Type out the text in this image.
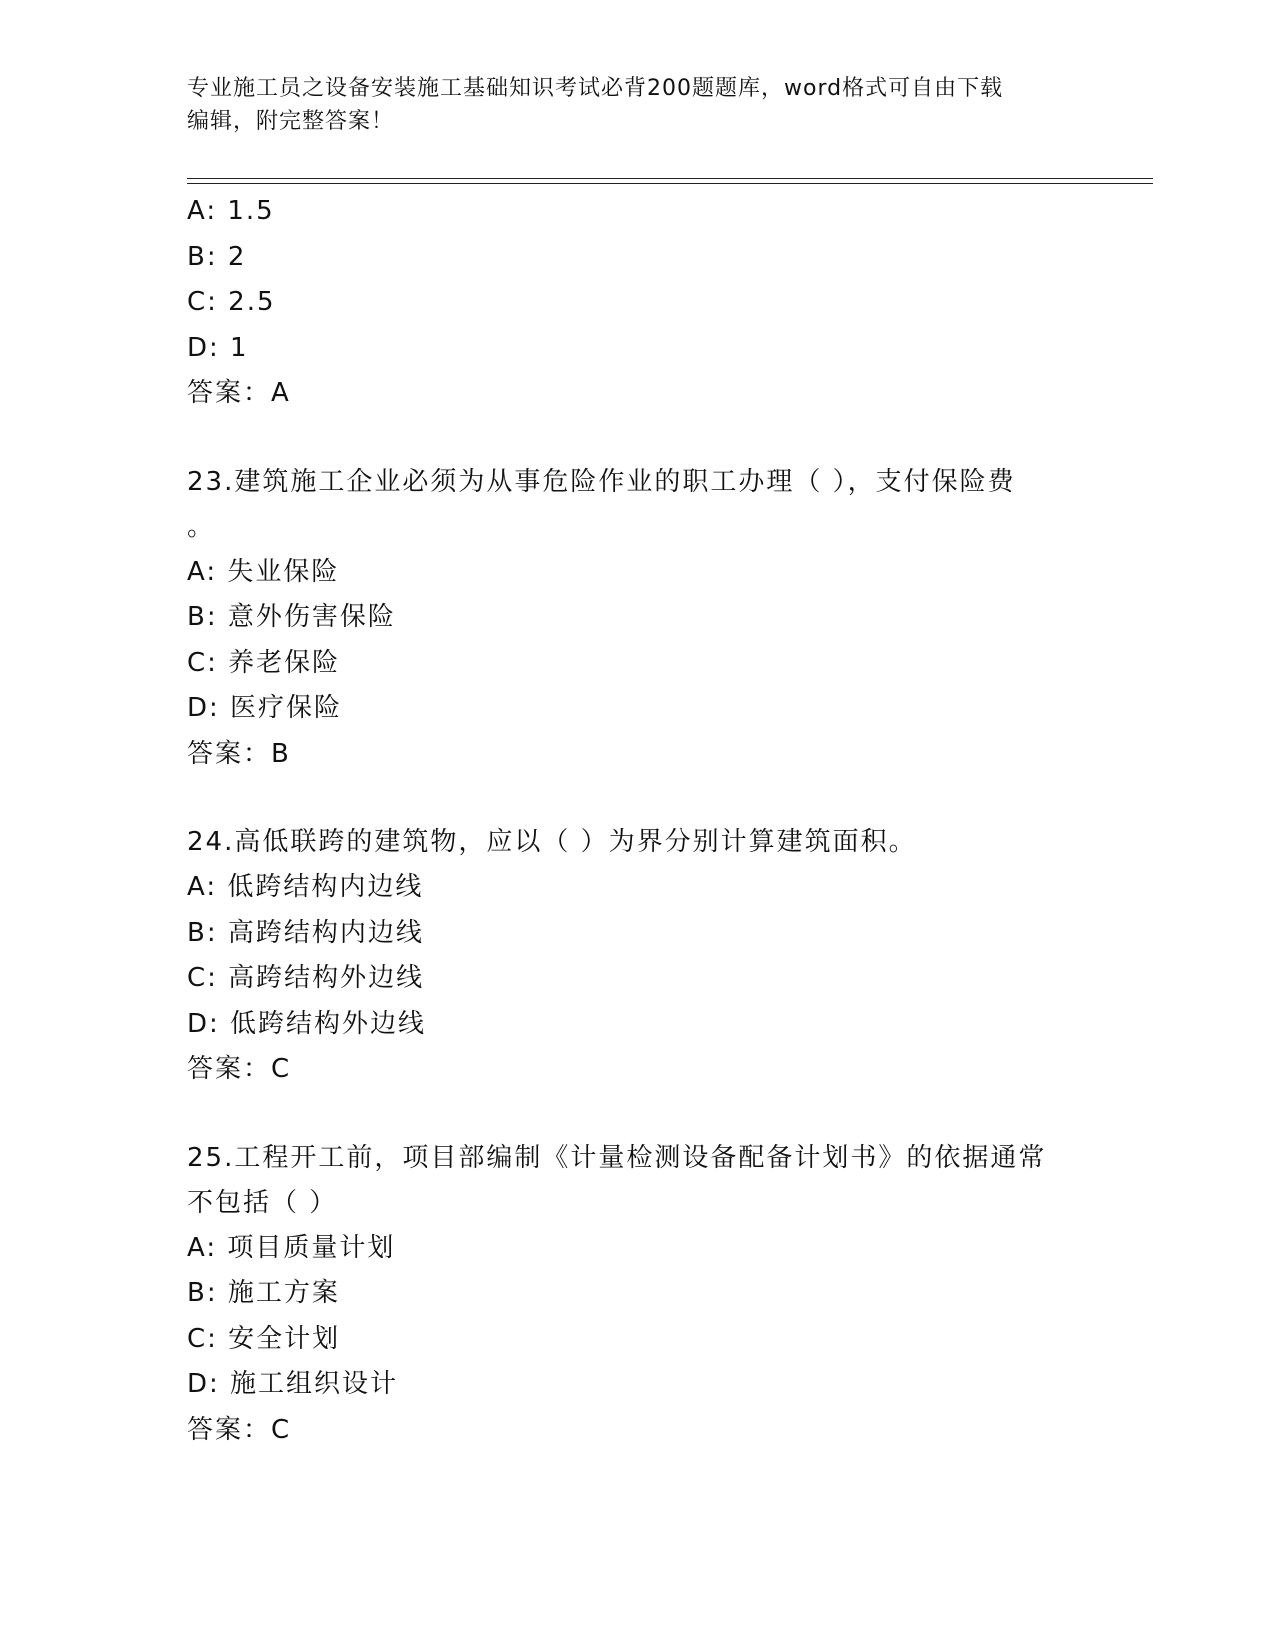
专业施工员之设备安装施工基础知识考试必背200题题库，word格式可自由下载
编辑，附完整答案！
A: 1.5
B: 2
C: 2.5
D: 1
答案：A
23.建筑施工企业必须为从事危险作业的职工办理（ ），支付保险费
。
A: 失业保险
B: 意外伤害保险
C: 养老保险
D: 医疗保险
答案：B
24.高低联跨的建筑物，应以（ ）为界分别计算建筑面积。
A: 低跨结构内边线
B: 高跨结构内边线
C: 高跨结构外边线
D: 低跨结构外边线
答案：C
25.工程开工前，项目部编制《计量检测设备配备计划书》的依据通常
不包括（ ）
A: 项目质量计划
B: 施工方案
C: 安全计划
D: 施工组织设计
答案：C
